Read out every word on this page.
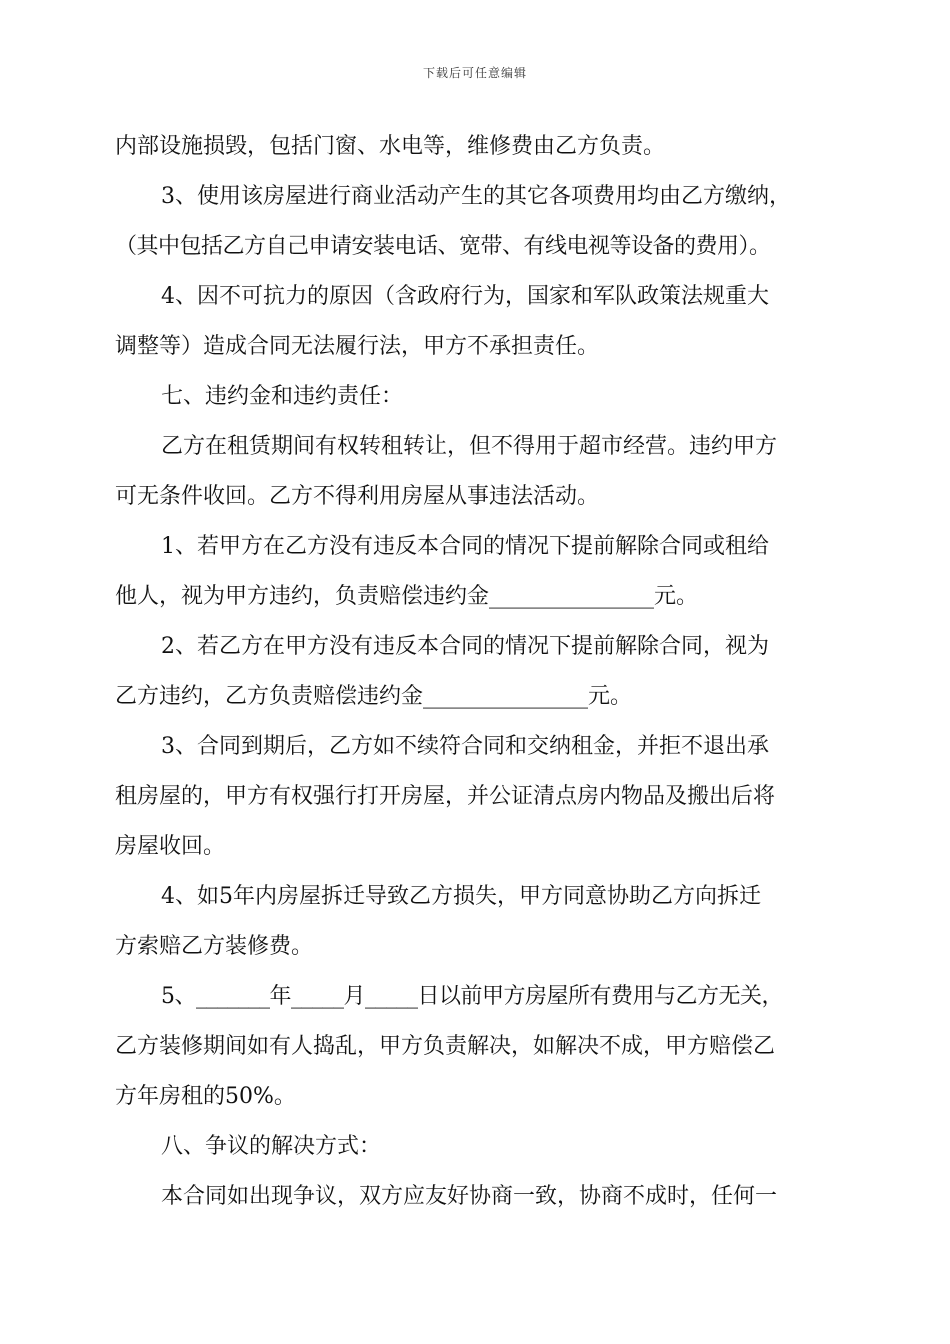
下载后可任意编辑
内部设施损毁，包括门窗、水电等，维修费由乙方负责。
3、使用该房屋进行商业活动产生的其它各项费用均由乙方缴纳，
（其中包括乙方自己申请安装电话、宽带、有线电视等设备的费用）。
4、因不可抗力的原因（含政府行为，国家和军队政策法规重大
调整等）造成合同无法履行法，甲方不承担责任。
七、违约金和违约责任：
乙方在租赁期间有权转租转让，但不得用于超市经营。违约甲方
可无条件收回。乙方不得利用房屋从事违法活动。
1、若甲方在乙方没有违反本合同的情况下提前解除合同或租给
他人，视为甲方违约，负责赔偿违约金_______________元。
2、若乙方在甲方没有违反本合同的情况下提前解除合同，视为
乙方违约，乙方负责赔偿违约金_______________元。
3、合同到期后，乙方如不续符合同和交纳租金，并拒不退出承
租房屋的，甲方有权强行打开房屋，并公证清点房内物品及搬出后将
房屋收回。
4、如5年内房屋拆迁导致乙方损失，甲方同意协助乙方向拆迁
方索赔乙方装修费。
5、_______年_____月_____日以前甲方房屋所有费用与乙方无关，
乙方装修期间如有人捣乱，甲方负责解决，如解决不成，甲方赔偿乙
方年房租的50%。
八、争议的解决方式：
本合同如出现争议，双方应友好协商一致，协商不成时，任何一
